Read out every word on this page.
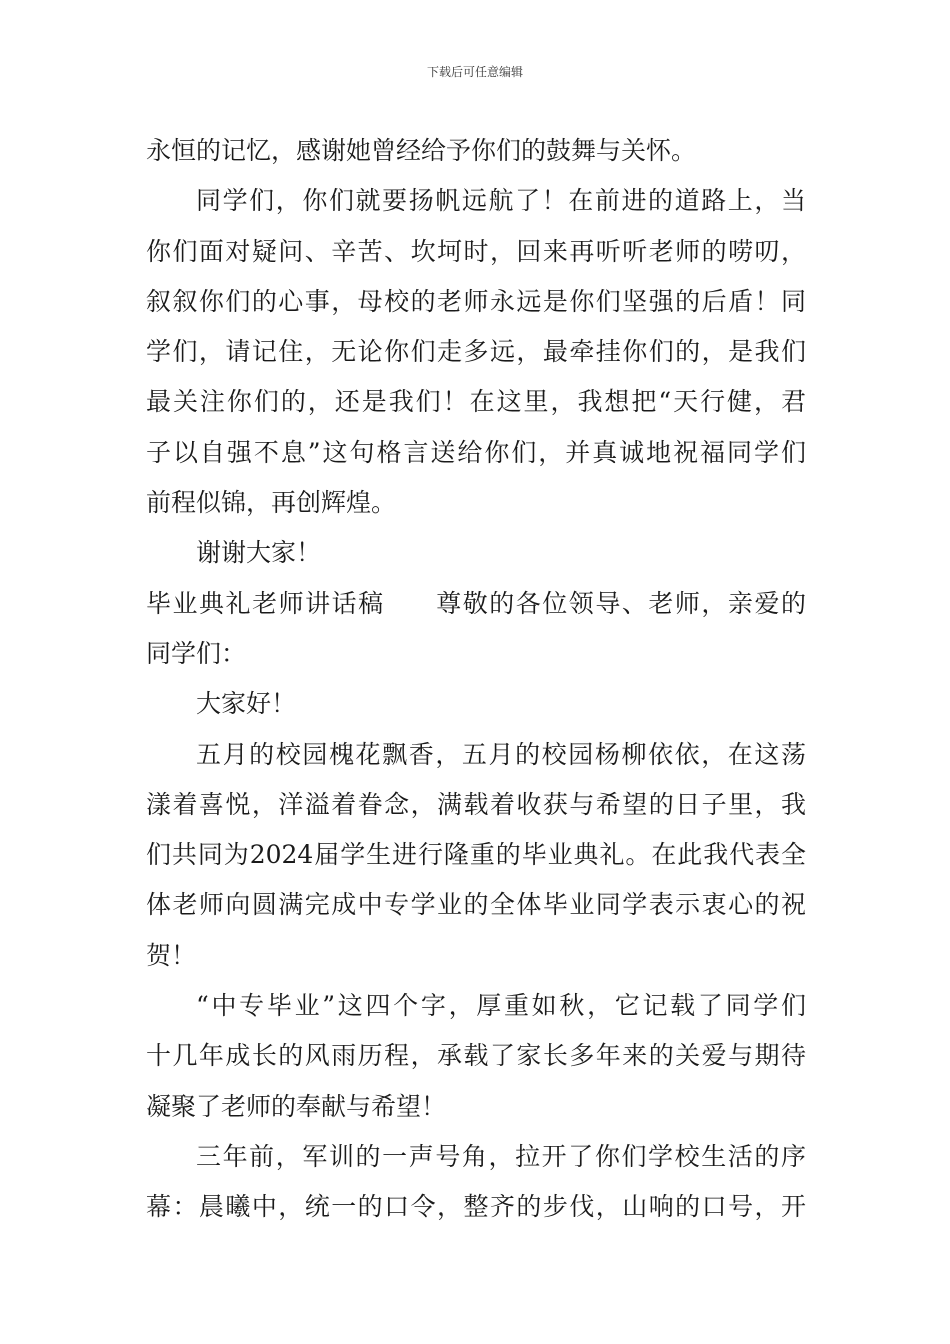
下载后可任意编辑
永恒的记忆，感谢她曾经给予你们的鼓舞与关怀。
同学们，你们就要扬帆远航了！在前进的道路上，当
你们面对疑问、辛苦、坎坷时，回来再听听老师的唠叨，
叙叙你们的心事，母校的老师永远是你们坚强的后盾！同
学们，请记住，无论你们走多远，最牵挂你们的，是我们
最关注你们的，还是我们！在这里，我想把“天行健，君
子以自强不息”这句格言送给你们，并真诚地祝福同学们
前程似锦，再创辉煌。
谢谢大家！
毕业典礼老师讲话稿 尊敬的各位领导、老师，亲爱的
同学们：
大家好！
五月的校园槐花飘香，五月的校园杨柳依依，在这荡
漾着喜悦，洋溢着眷念，满载着收获与希望的日子里，我
们共同为2024届学生进行隆重的毕业典礼。在此我代表全
体老师向圆满完成中专学业的全体毕业同学表示衷心的祝
贺！
“中专毕业”这四个字，厚重如秋，它记载了同学们
十几年成长的风雨历程，承载了家长多年来的关爱与期待
凝聚了老师的奉献与希望！
三年前，军训的一声号角，拉开了你们学校生活的序
幕：晨曦中，统一的口令，整齐的步伐，山响的口号，开
